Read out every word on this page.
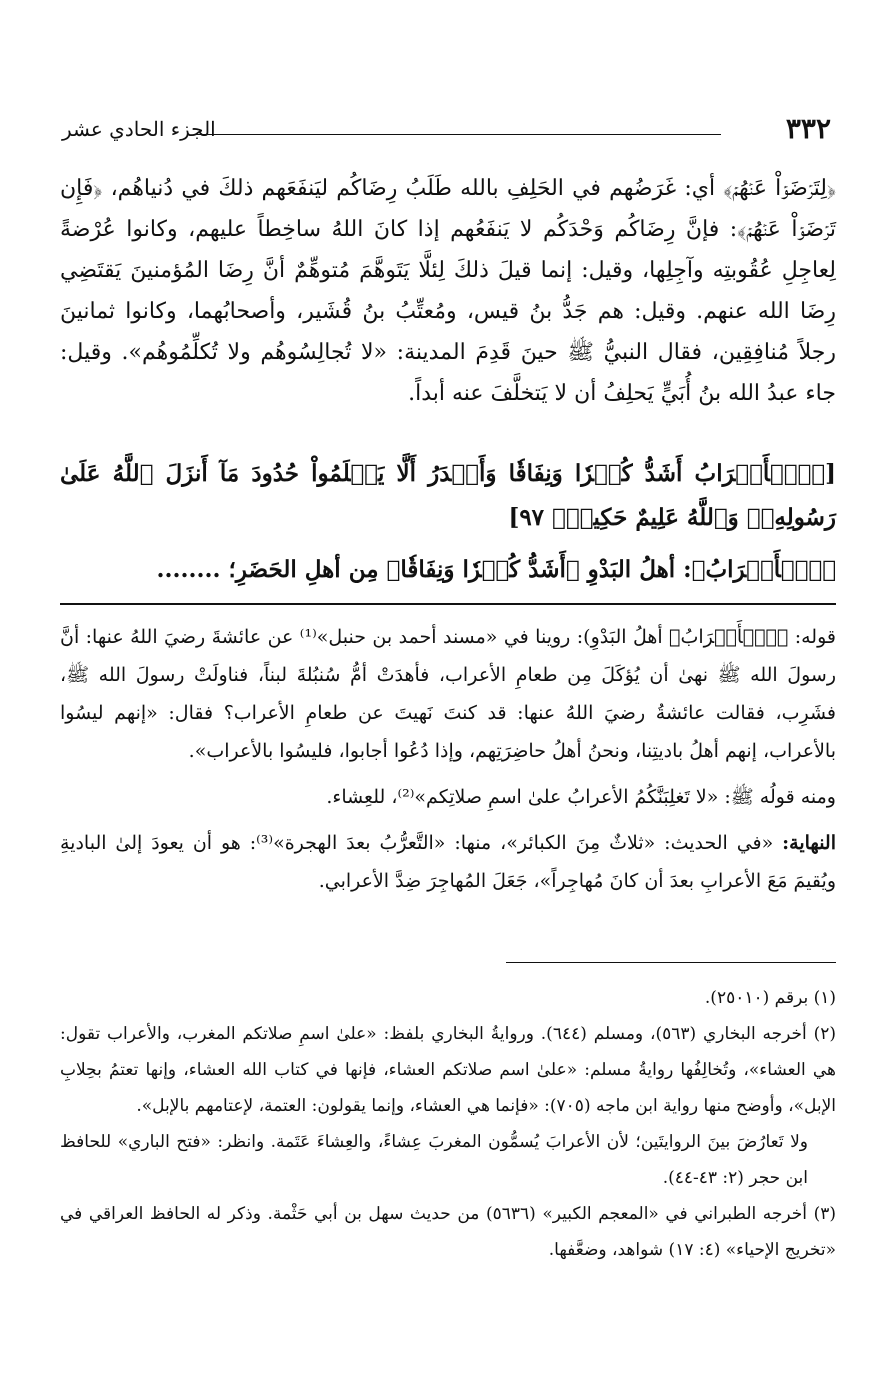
٣٣٢
الجزء الحادي عشر
﴿لِتَرۡضَوۡاْ عَنۡهُمۡ﴾ أي: غَرَضُهم في الحَلِفِ بالله طَلَبُ رِضَاكُم ليَنفَعَهم ذلكَ في دُنياهُم، ﴿فَإِن تَرۡضَوۡاْ عَنۡهُمۡ﴾: فإنَّ رِضَاكُم وَحْدَكُم لا يَنفَعُهم إذا كانَ اللهُ ساخِطاً عليهم، وكانوا عُرْضةً لِعاجِلِ عُقُوبتِه وآجِلِها، وقيل: إنما قيلَ ذلكَ لِئلَّا يَتَوهَّمَ مُتوهِّمٌ أنَّ رِضَا المُؤمنينَ يَقتَضِي رِضَا الله عنهم. وقيل: هم جَدُّ بنُ قيس، ومُعتِّبُ بنُ قُشَير، وأصحابُهما، وكانوا ثمانينَ رجلاً مُنافِقِين، فقال النبيُّ ﷺ حينَ قَدِمَ المدينة: «لا تُجالِسُوهُم ولا تُكلِّمُوهُم». وقيل: جاء عبدُ الله بنُ أُبَيٍّ يَحلِفُ أن لا يَتخلَّفَ عنه أبداً.
[﴿ٱلۡأَعۡرَابُ أَشَدُّ كُفۡرٗا وَنِفَاقٗا وَأَجۡدَرُ أَلَّا يَعۡلَمُواْ حُدُودَ مَآ أَنزَلَ ٱللَّهُ عَلَىٰ رَسُولِهِۦۗ وَٱللَّهُ عَلِيمٌ حَكِيمٞ﴾ ٩٧]
﴿ٱلۡأَعۡرَابُ﴾: أهلُ البَدْوِ ﴿أَشَدُّ كُفۡرٗا وَنِفَاقٗا﴾ مِن أهلِ الحَضَرِ؛ ........

قوله: ﴿ٱلۡأَعۡرَابُ﴾ أهلُ البَدْوِ): روينا في «مسند أحمد بن حنبل»⁽¹⁾ عن عائشةَ رضيَ اللهُ عنها: أنَّ رسولَ الله ﷺ نهىٰ أن يُؤكَلَ مِن طعامِ الأعراب، فأهدَتْ أمُّ سُنبُلةَ لبناً، فناولَتْ رسولَ الله ﷺ، فشَرِب، فقالت عائشةُ رضيَ اللهُ عنها: قد كنتَ نَهيتَ عن طعامِ الأعراب؟ فقال: «إنهم ليسُوا بالأعراب، إنهم أهلُ باديتِنا، ونحنُ أهلُ حاضِرَتِهم، وإذا دُعُوا أجابوا، فليسُوا بالأعراب».

ومنه قولُه ﷺ: «لا تَغلِبَنَّكُمُ الأعرابُ علىٰ اسمِ صلاتِكم»⁽²⁾، للعِشاء.

النهاية: «في الحديث: «ثلاثٌ مِنَ الكبائر»، منها: «التَّعرُّبُ بعدَ الهجرة»⁽³⁾: هو أن يعودَ إلىٰ الباديةِ ويُقيمَ مَعَ الأعرابِ بعدَ أن كانَ مُهاجِراً»، جَعَلَ المُهاجِرَ ضِدَّ الأعرابي.

(١) برقم (٢٥٠١٠).

(٢) أخرجه البخاري (٥٦٣)، ومسلم (٦٤٤). وروايةُ البخاري بلفظ: «علىٰ اسمِ صلاتكم المغرب، والأعراب تقول: هي العشاء»، وتُخالِفُها روايةُ مسلم: «علىٰ اسم صلاتكم العشاء، فإنها في كتاب الله العشاء، وإنها تعتمُ بحِلابِ الإبل»، وأوضح منها رواية ابن ماجه (٧٠٥): «فإنما هي العشاء، وإنما يقولون: العتمة، لإعتامهم بالإبل».

ولا تَعارُضَ بينَ الروايتَين؛ لأن الأعرابَ يُسمُّون المغربَ عِشاءً، والعِشاءَ عَتَمة. وانظر: «فتح الباري» للحافظ ابن حجر (٢: ٤٣-٤٤).

(٣) أخرجه الطبراني في «المعجم الكبير» (٥٦٣٦) من حديث سهل بن أبي حَثْمة. وذكر له الحافظ العراقي في «تخريج الإحياء» (٤: ١٧) شواهد، وضعَّفها.
